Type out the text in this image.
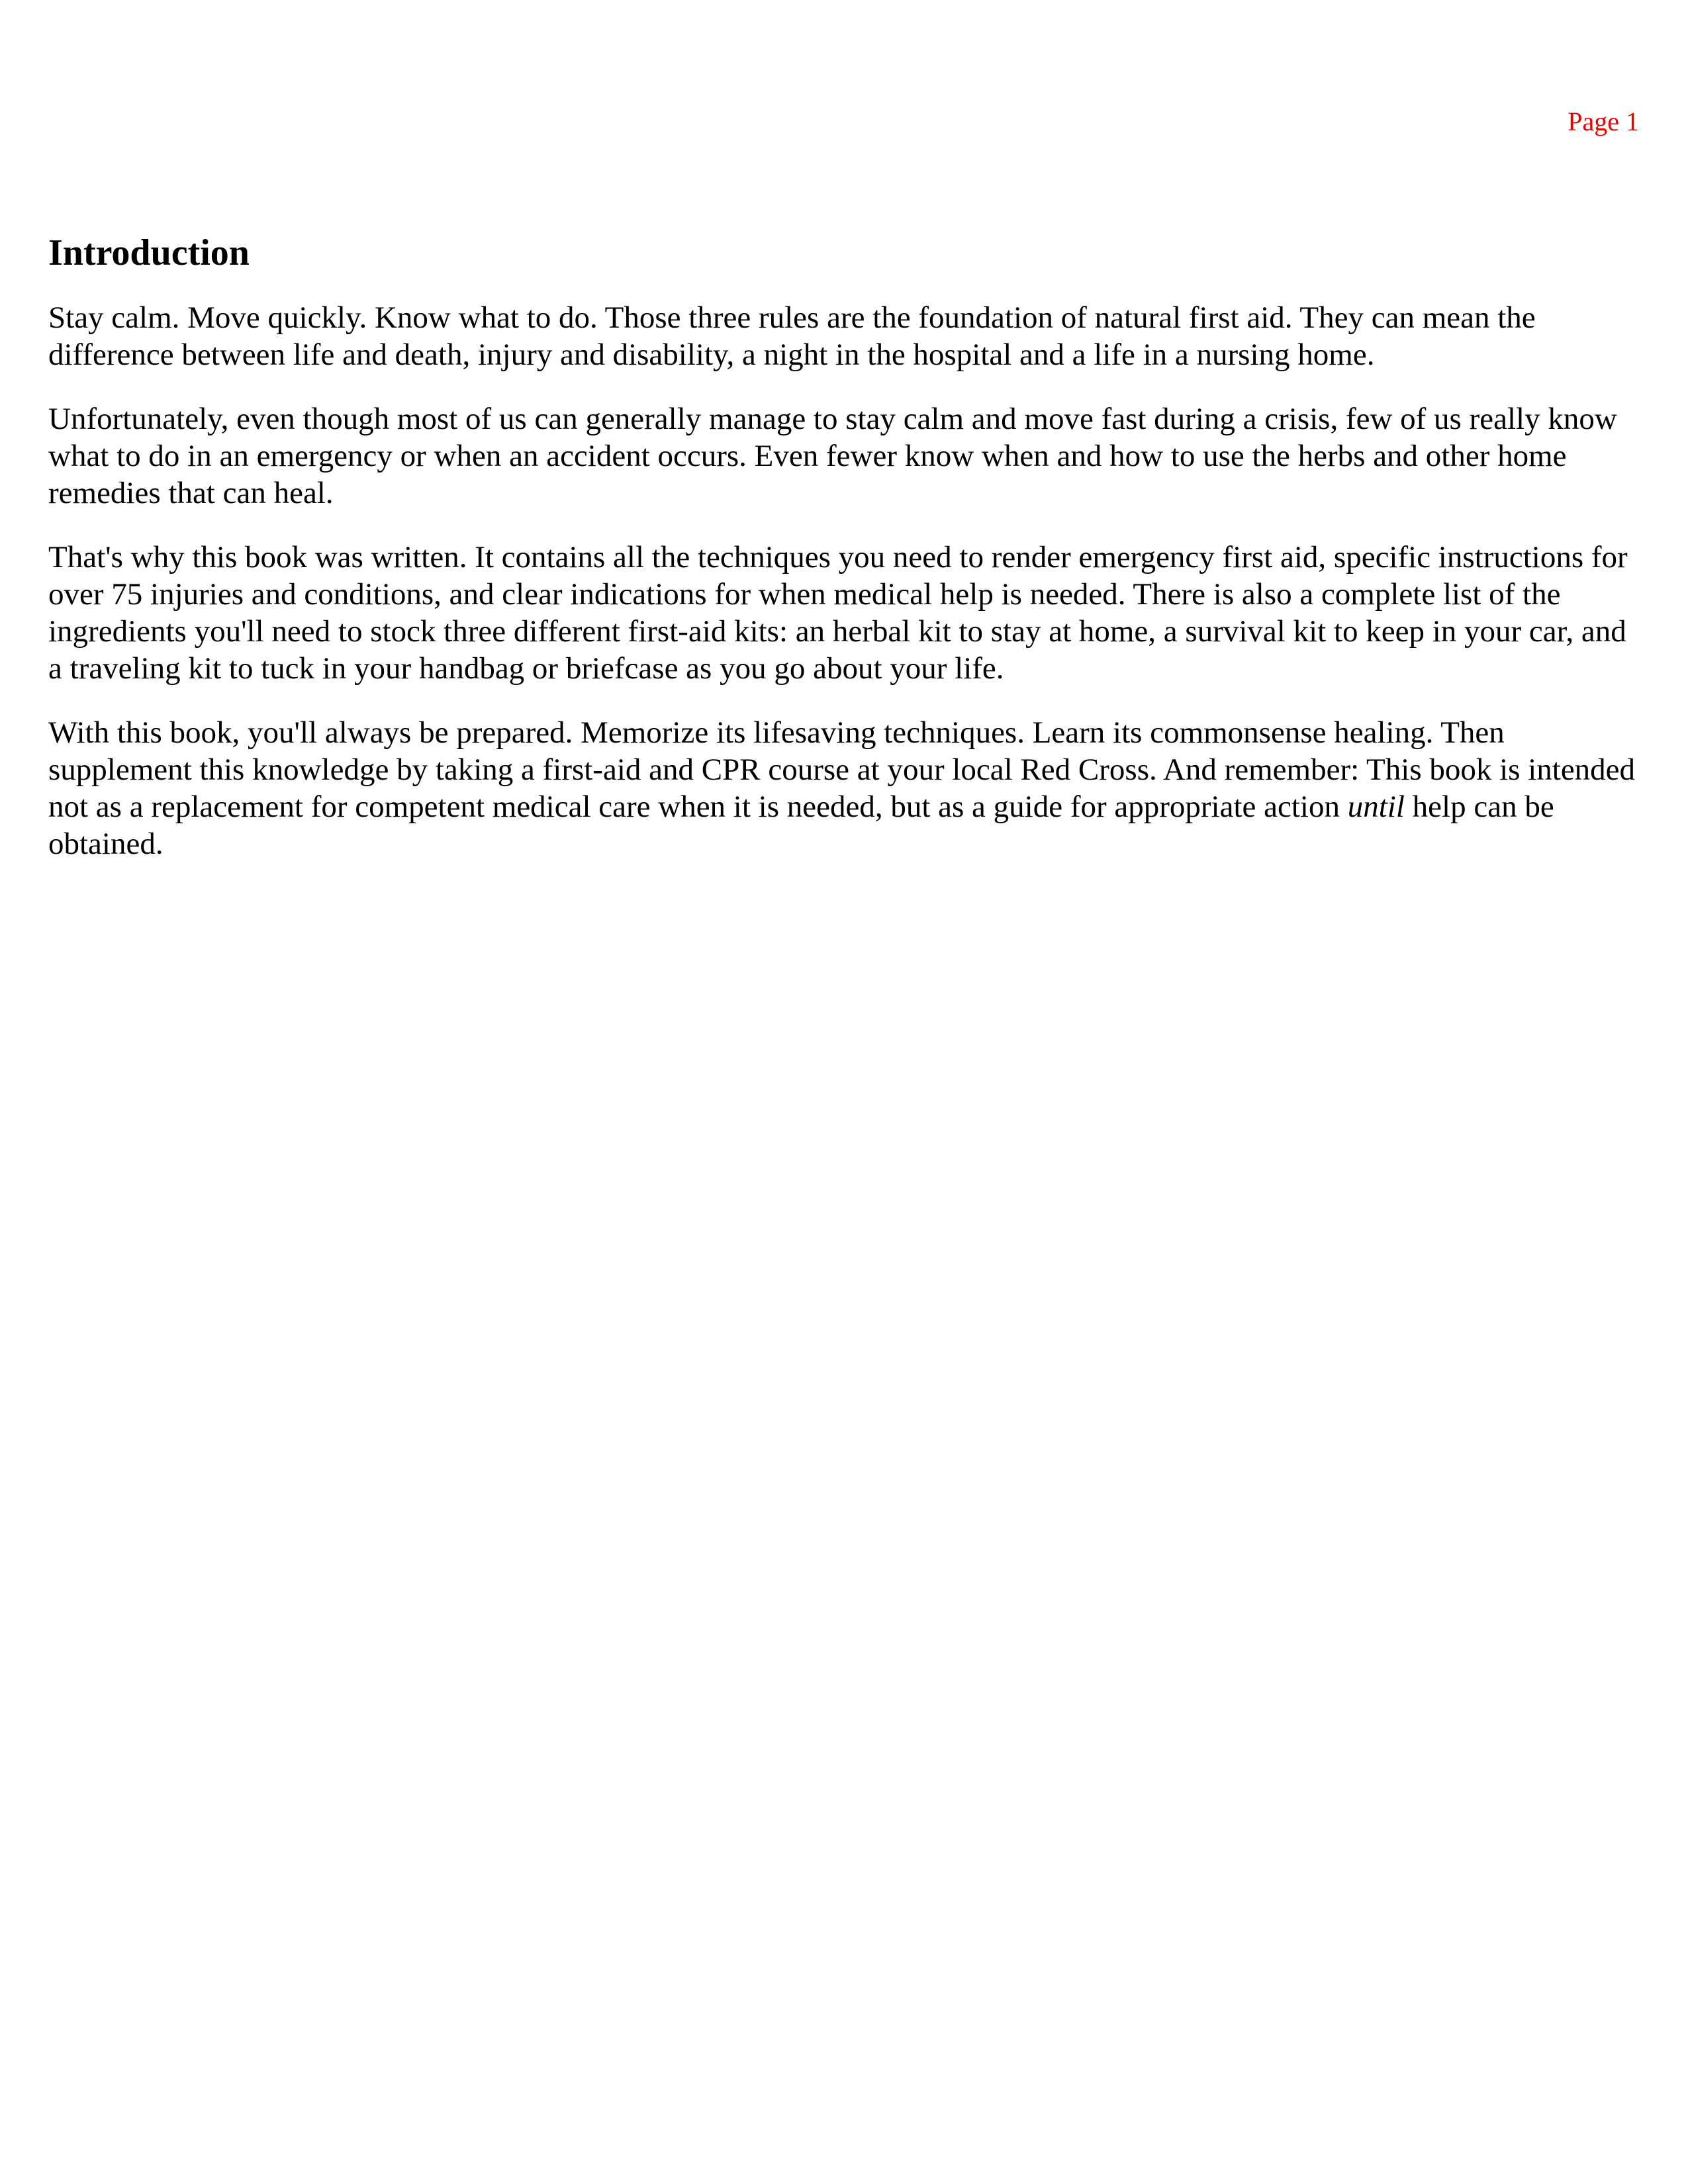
Page 1
Introduction

Stay calm. Move quickly. Know what to do. Those three rules are the foundation of natural first aid. They can mean the difference between life and death, injury and disability, a night in the hospital and a life in a nursing home.

Unfortunately, even though most of us can generally manage to stay calm and move fast during a crisis, few of us really know what to do in an emergency or when an accident occurs. Even fewer know when and how to use the herbs and other home remedies that can heal.

That's why this book was written. It contains all the techniques you need to render emergency first aid, specific instructions for over 75 injuries and conditions, and clear indications for when medical help is needed. There is also a complete list of the ingredients you'll need to stock three different first-aid kits: an herbal kit to stay at home, a survival kit to keep in your car, and a traveling kit to tuck in your handbag or briefcase as you go about your life.

With this book, you'll always be prepared. Memorize its lifesaving techniques. Learn its commonsense healing. Then supplement this knowledge by taking a first-aid and CPR course at your local Red Cross. And remember: This book is intended not as a replacement for competent medical care when it is needed, but as a guide for appropriate action until help can be obtained.
